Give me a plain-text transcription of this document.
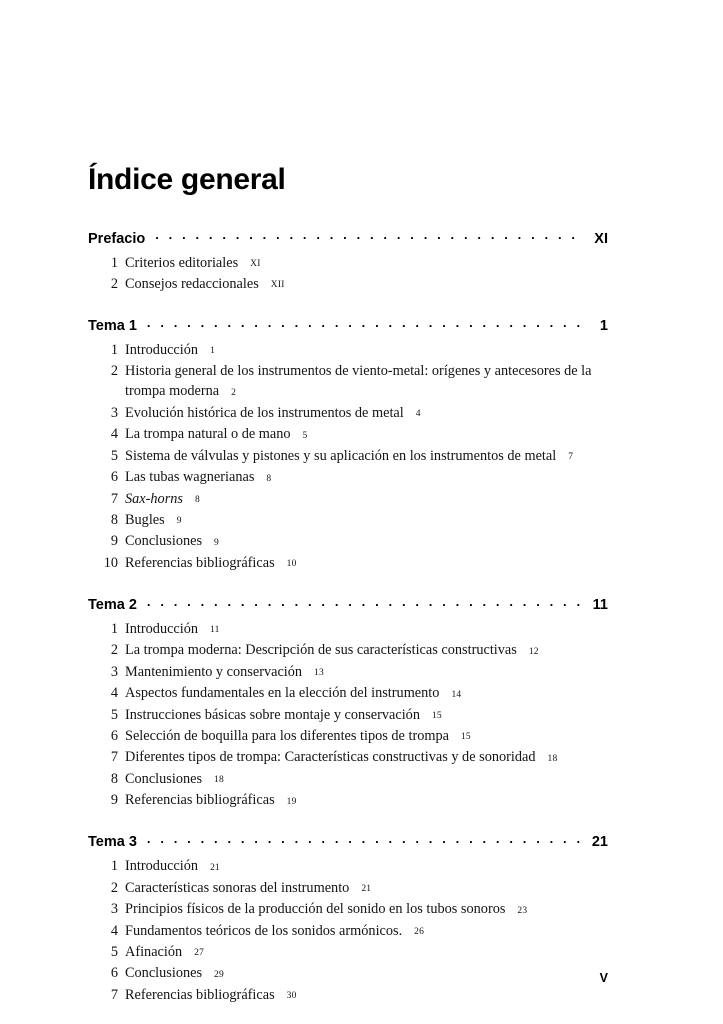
Índice general
Prefacio . . .	XI
1 Criterios editoriales XI
2 Consejos redaccionales XII
Tema 1 . . .	1
1 Introducción 1
2 Historia general de los instrumentos de viento-metal: orígenes y antecesores de la trompa moderna 2
3 Evolución histórica de los instrumentos de metal 4
4 La trompa natural o de mano 5
5 Sistema de válvulas y pistones y su aplicación en los instrumentos de metal 7
6 Las tubas wagnerianas 8
7 Sax-horns 8
8 Bugles 9
9 Conclusiones 9
10 Referencias bibliográficas 10
Tema 2 . . .	11
1 Introducción 11
2 La trompa moderna: Descripción de sus características constructivas 12
3 Mantenimiento y conservación 13
4 Aspectos fundamentales en la elección del instrumento 14
5 Instrucciones básicas sobre montaje y conservación 15
6 Selección de boquilla para los diferentes tipos de trompa 15
7 Diferentes tipos de trompa: Características constructivas y de sonoridad 18
8 Conclusiones 18
9 Referencias bibliográficas 19
Tema 3 . . .	21
1 Introducción 21
2 Características sonoras del instrumento 21
3 Principios físicos de la producción del sonido en los tubos sonoros 23
4 Fundamentos teóricos de los sonidos armónicos. 26
5 Afinación 27
6 Conclusiones 29
7 Referencias bibliográficas 30
V
